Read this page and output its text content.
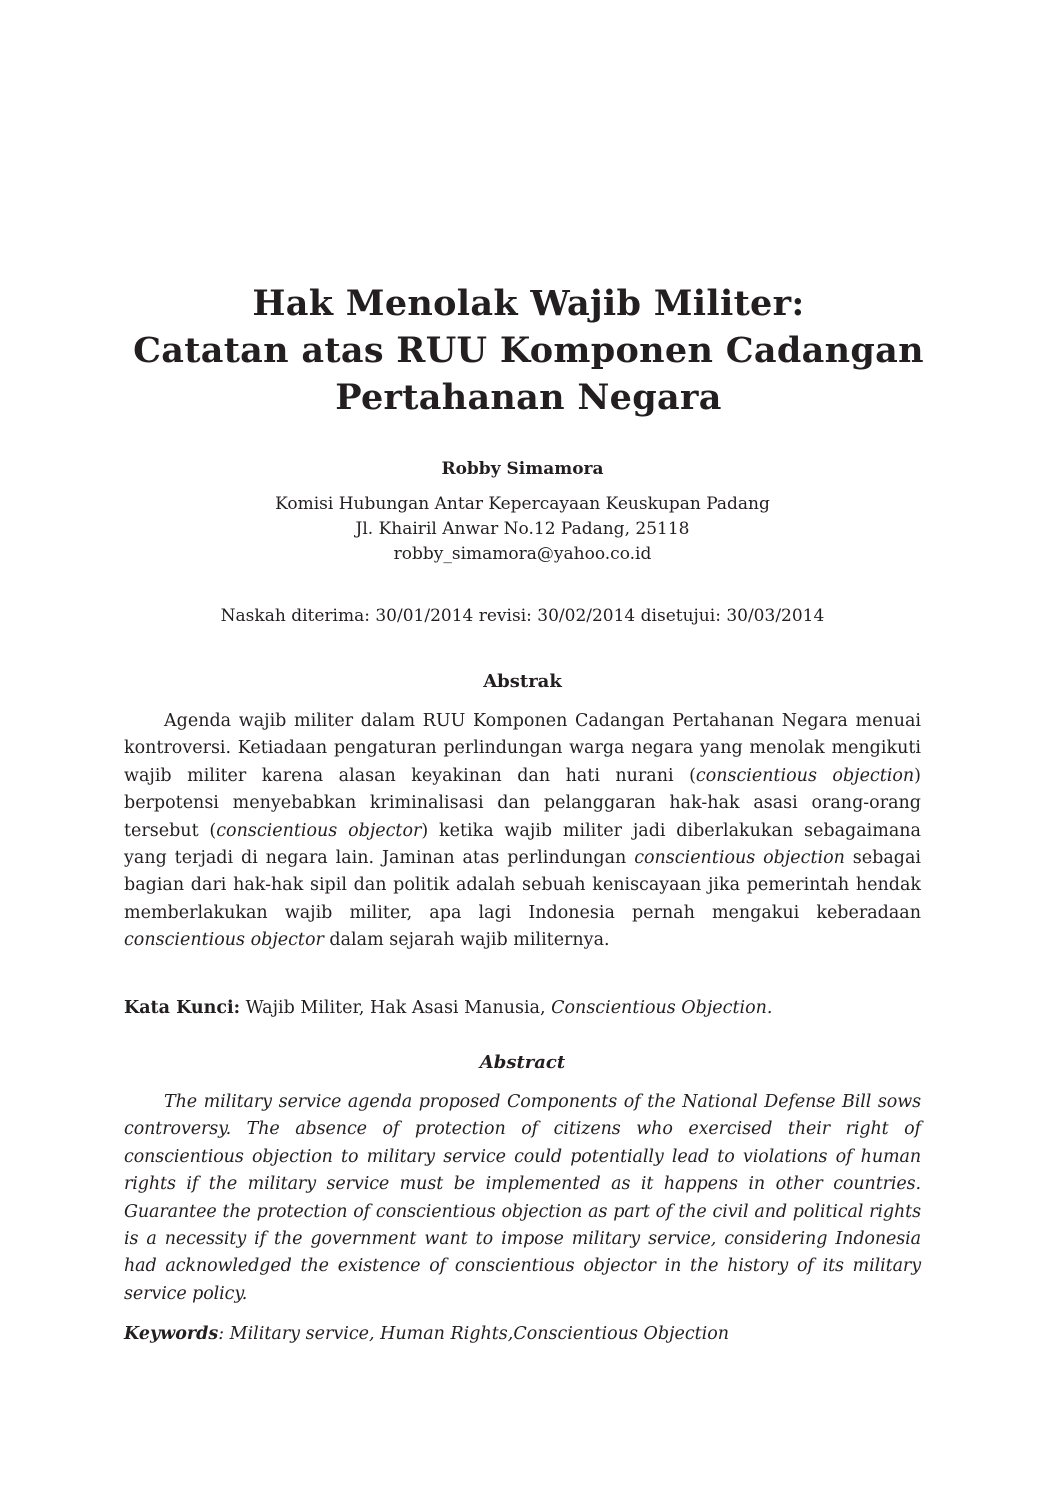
Hak Menolak Wajib Militer:
Catatan atas RUU Komponen Cadangan
Pertahanan Negara
Robby Simamora
Komisi Hubungan Antar Kepercayaan Keuskupan Padang
Jl. Khairil Anwar No.12 Padang, 25118
robby_simamora@yahoo.co.id
Naskah diterima: 30/01/2014 revisi: 30/02/2014 disetujui: 30/03/2014
Abstrak

Agenda wajib militer dalam RUU Komponen Cadangan Pertahanan Negara menuai kontroversi. Ketiadaan pengaturan perlindungan warga negara yang menolak mengikuti wajib militer karena alasan keyakinan dan hati nurani (conscientious objection) berpotensi menyebabkan kriminalisasi dan pelanggaran hak-hak asasi orang-orang tersebut (conscientious objector) ketika wajib militer jadi diberlakukan sebagaimana yang terjadi di negara lain. Jaminan atas perlindungan conscientious objection sebagai bagian dari hak-hak sipil dan politik adalah sebuah keniscayaan jika pemerintah hendak memberlakukan wajib militer, apa lagi Indonesia pernah mengakui keberadaan conscientious objector dalam sejarah wajib militernya.

Kata Kunci: Wajib Militer, Hak Asasi Manusia, Conscientious Objection.
Abstract

The military service agenda proposed Components of the National Defense Bill sows controversy. The absence of protection of citizens who exercised their right of conscientious objection to military service could potentially lead to violations of human rights if the military service must be implemented as it happens in other countries. Guarantee the protection of conscientious objection as part of the civil and political rights is a necessity if the government want to impose military service, considering Indonesia had acknowledged the existence of conscientious objector in the history of its military service policy.

Keywords: Military service, Human Rights,Conscientious Objection
